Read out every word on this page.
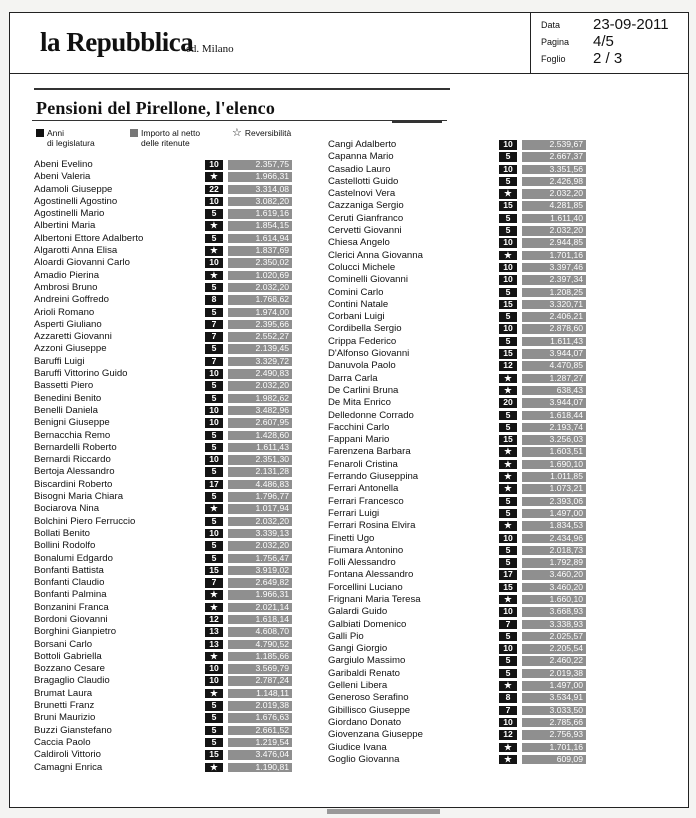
la Repubblica
ed. Milano
Data 23-09-2011
Pagina 4/5
Foglio 2 / 3
Pensioni del Pirellone, l'elenco
Anni
di legislatura
Importo al netto
delle ritenute
☆ Reversibilità
Abeni Evelino	10	2.357,75
Abeni Valeria	★	1.966,31
Adamoli Giuseppe	22	3.314,08
Agostinelli Agostino	10	3.082,20
Agostinelli Mario	5	1.619,16
Albertini Maria	★	1.854,15
Albertoni Ettore Adalberto	5	1.614,94
Algarotti Anna Elisa	★	1.837,69
Aloardi Giovanni Carlo	10	2.350,02
Amadio Pierina	★	1.020,69
Ambrosi Bruno	5	2.032,20
Andreini Goffredo	8	1.768,62
Arioli Romano	5	1.974,00
Asperti Giuliano	7	2.395,66
Azzaretti Giovanni	7	2.552,27
Azzoni Giuseppe	5	2.139,45
Baruffi Luigi	7	3.329,72
Baruffi Vittorino Guido	10	2.490,83
Bassetti Piero	5	2.032,20
Benedini Benito	5	1.982,62
Benelli Daniela	10	3.482,96
Benigni Giuseppe	10	2.607,95
Bernacchia Remo	5	1.428,60
Bernardelli Roberto	5	1.611,43
Bernardi Riccardo	10	2.351,30
Bertoja Alessandro	5	2.131,28
Biscardini Roberto	17	4.486,83
Bisogni Maria Chiara	5	1.796,77
Bociarova Nina	★	1.017,94
Bolchini Piero Ferruccio	5	2.032,20
Bollati Benito	10	3.339,13
Bollini Rodolfo	5	2.032,20
Bonalumi Edgardo	5	1.756,47
Bonfanti Battista	15	3.919,02
Bonfanti Claudio	7	2.649,82
Bonfanti Palmina	★	1.966,31
Bonzanini Franca	★	2.021,14
Bordoni Giovanni	12	1.618,14
Borghini Gianpietro	13	4.608,70
Borsani Carlo	13	4.790,52
Bottoli Gabriella	★	1.185,66
Bozzano Cesare	10	3.569,79
Bragaglio Claudio	10	2.787,24
Brumat Laura	★	1.148,11
Brunetti Franz	5	2.019,38
Bruni Maurizio	5	1.676,63
Buzzi Gianstefano	5	2.661,52
Caccia Paolo	5	1.219,54
Caldiroli Vittorio	15	3.476,04
Camagni Enrica	★	1.190,81
Cangi Adalberto	10	2.539,67
Capanna Mario	5	2.667,37
Casadio Lauro	10	3.351,56
Castellotti Guido	5	2.426,98
Castelnovi Vera	★	2.032,20
Cazzaniga Sergio	15	4.281,85
Ceruti Gianfranco	5	1.611,40
Cervetti Giovanni	5	2.032,20
Chiesa Angelo	10	2.944,85
Clerici Anna Giovanna	★	1.701,16
Colucci Michele	10	3.397,46
Cominelli Giovanni	10	2.397,34
Comini Carlo	5	1.208,25
Contini Natale	15	3.320,71
Corbani Luigi	5	2.406,21
Cordibella Sergio	10	2.878,60
Crippa Federico	5	1.611,43
D'Alfonso Giovanni	15	3.944,07
Danuvola Paolo	12	4.470,85
Darra Carla	★	1.287,27
De Carlini Bruna	★	638,43
De Mita Enrico	20	3.944,07
Delledonne Corrado	5	1.618,44
Facchini Carlo	5	2.193,74
Fappani Mario	15	3.256,03
Farenzena Barbara	★	1.603,51
Fenaroli Cristina	★	1.690,10
Ferrando Giuseppina	★	1.011,85
Ferrari Antonella	★	1.073,21
Ferrari Francesco	5	2.393,06
Ferrari Luigi	5	1.497,00
Ferrari Rosina Elvira	★	1.834,53
Finetti Ugo	10	2.434,96
Fiumara Antonino	5	2.018,73
Folli Alessandro	5	1.792,89
Fontana Alessandro	17	3.460,20
Forcellini Luciano	15	3.460,20
Frignani Maria Teresa	★	1.660,10
Galardi Guido	10	3.668,93
Galbiati Domenico	7	3.338,93
Galli Pio	5	2.025,57
Gangi Giorgio	10	2.205,54
Gargiulo Massimo	5	2.460,22
Garibaldi Renato	5	2.019,38
Gelleni Libera	★	1.497,00
Generoso Serafino	8	3.534,91
Gibillisco Giuseppe	7	3.033,50
Giordano Donato	10	2.785,66
Giovenzana Giuseppe	12	2.756,93
Giudice Ivana	★	1.701,16
Goglio Giovanna	★	609,09
